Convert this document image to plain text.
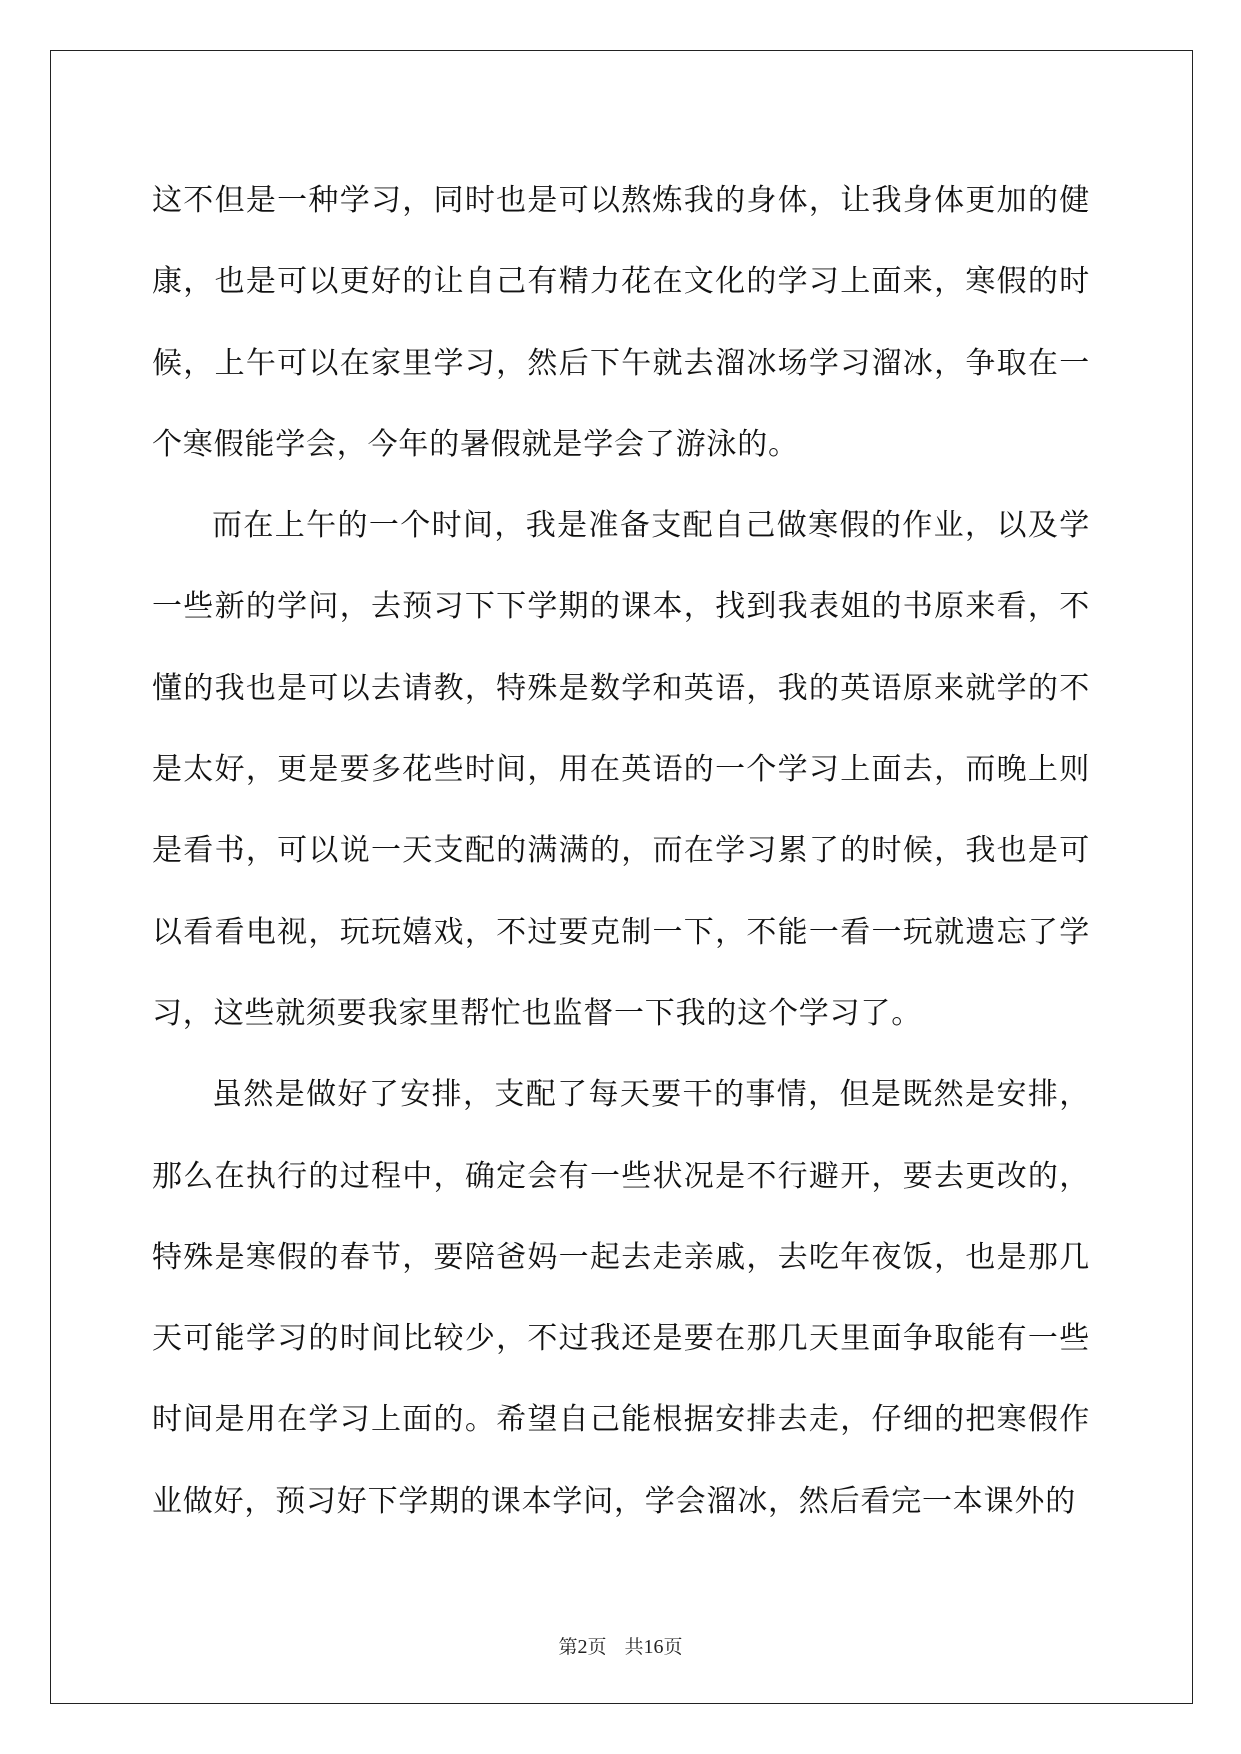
这不但是一种学习，同时也是可以熬炼我的身体，让我身体更加的健康，也是可以更好的让自己有精力花在文化的学习上面来，寒假的时候，上午可以在家里学习，然后下午就去溜冰场学习溜冰，争取在一个寒假能学会，今年的暑假就是学会了游泳的。

而在上午的一个时间，我是准备支配自己做寒假的作业，以及学一些新的学问，去预习下下学期的课本，找到我表姐的书原来看，不懂的我也是可以去请教，特殊是数学和英语，我的英语原来就学的不是太好，更是要多花些时间，用在英语的一个学习上面去，而晚上则是看书，可以说一天支配的满满的，而在学习累了的时候，我也是可以看看电视，玩玩嬉戏，不过要克制一下，不能一看一玩就遗忘了学习，这些就须要我家里帮忙也监督一下我的这个学习了。

虽然是做好了安排，支配了每天要干的事情，但是既然是安排，那么在执行的过程中，确定会有一些状况是不行避开，要去更改的，特殊是寒假的春节，要陪爸妈一起去走亲戚，去吃年夜饭，也是那几天可能学习的时间比较少，不过我还是要在那几天里面争取能有一些时间是用在学习上面的。希望自己能根据安排去走，仔细的把寒假作业做好，预习好下学期的课本学问，学会溜冰，然后看完一本课外的

第2页 共16页
